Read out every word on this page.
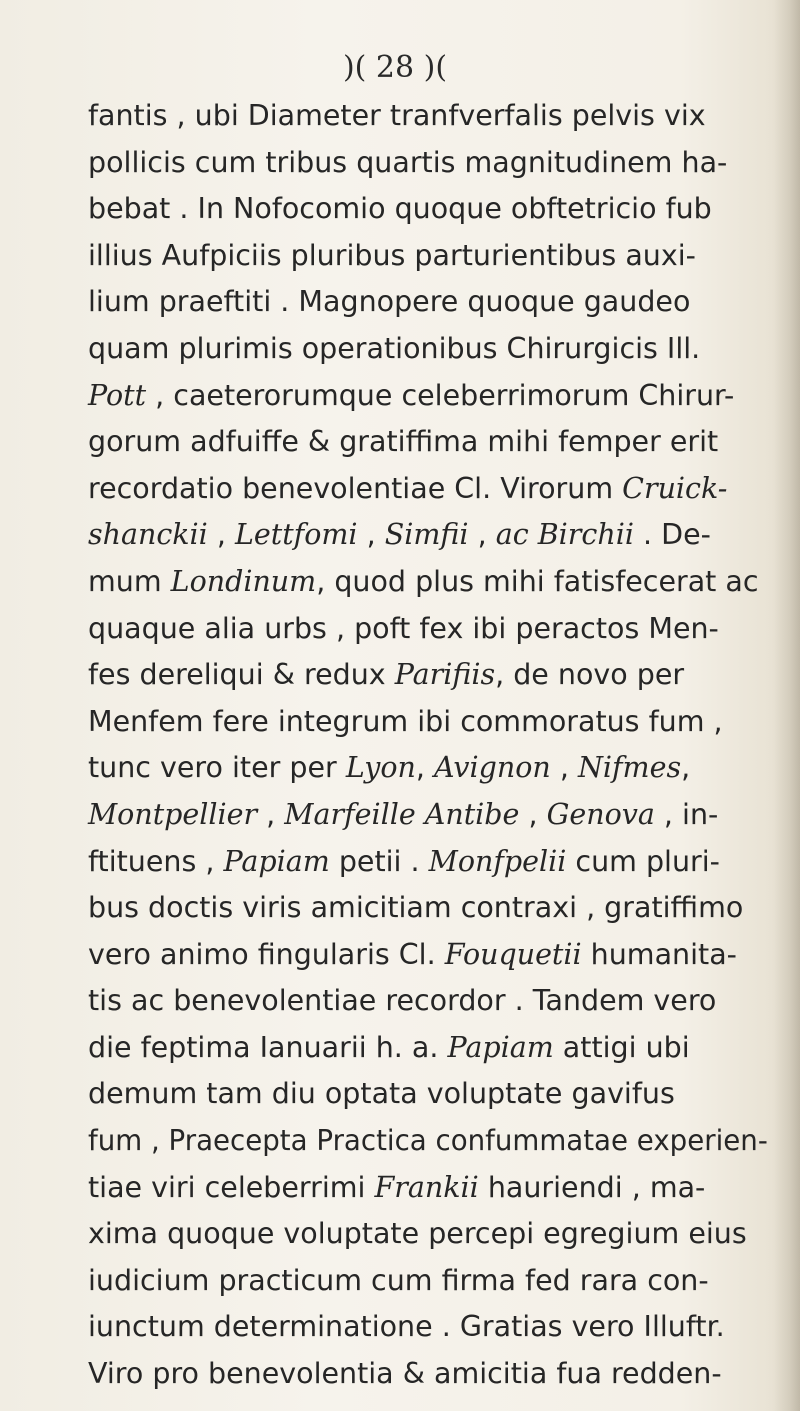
)( 28 )(
fantis , ubi Diameter tranfverfalis pelvis vix
pollicis cum tribus quartis magnitudinem ha-
bebat . In Nofocomio quoque obftetricio fub
illius Aufpiciis pluribus parturientibus auxi-
lium praeftiti . Magnopere quoque gaudeo
quam plurimis operationibus Chirurgicis Ill.
Pott , caeterorumque celeberrimorum Chirur-
gorum adfuiffe & gratiffima mihi femper erit
recordatio benevolentiae Cl. Virorum Cruick-
shanckii , Lettfomi , Simfii , ac Birchii . De-
mum Londinum, quod plus mihi fatisfecerat ac
quaque alia urbs , poft fex ibi peractos Men-
fes dereliqui & redux Parifiis, de novo per
Menfem fere integrum ibi commoratus fum ,
tunc vero iter per Lyon, Avignon , Nifmes,
Montpellier , Marfeille Antibe , Genova , in-
ftituens , Papiam petii . Monfpelii cum pluri-
bus doctis viris amicitiam contraxi , gratiffimo
vero animo fingularis Cl. Fouquetii humanita-
tis ac benevolentiae recordor . Tandem vero
die feptima Ianuarii h. a. Papiam attigi ubi
demum tam diu optata voluptate gavifus
fum , Praecepta Practica confummatae experien-
tiae viri celeberrimi Frankii hauriendi , ma-
xima quoque voluptate percepi egregium eius
iudicium practicum cum firma fed rara con-
iunctum determinatione . Gratias vero Illuftr.
Viro pro benevolentia & amicitia fua redden-
